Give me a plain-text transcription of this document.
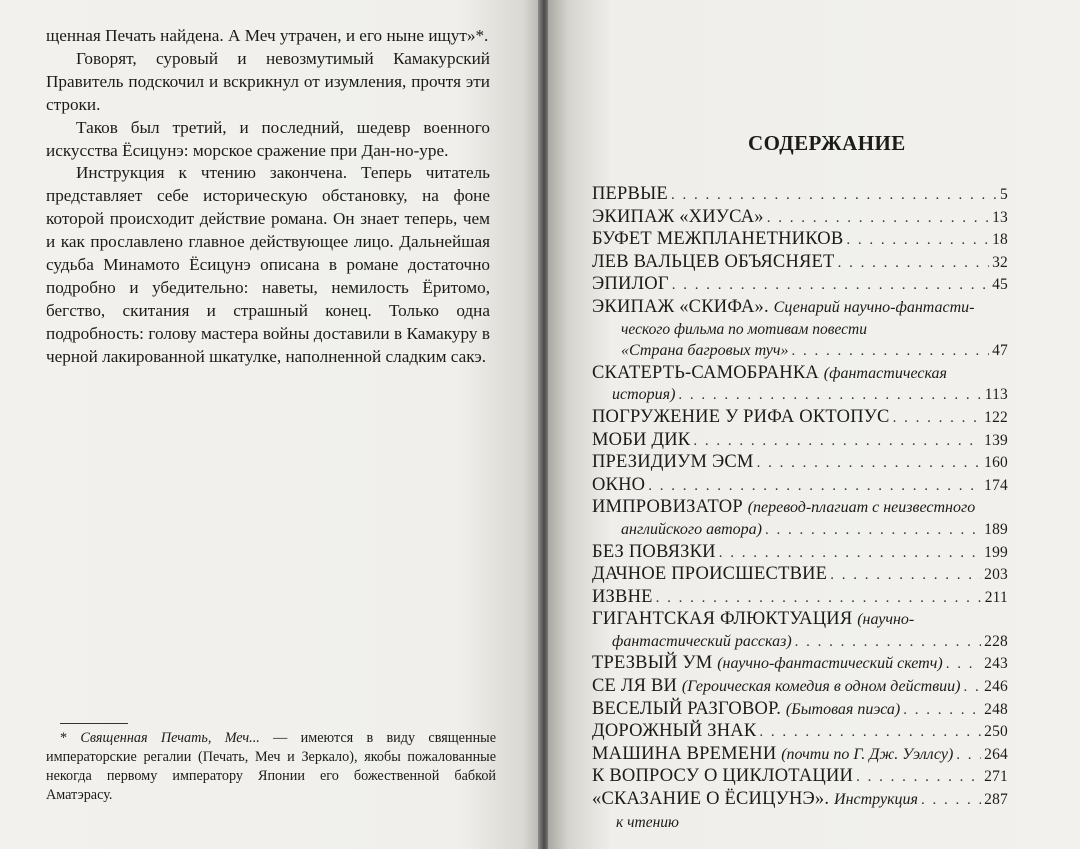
щенная Печать найдена. А Меч утрачен, и его ныне ищут»*.

Говорят, суровый и невозмутимый Камакурский Правитель подскочил и вскрикнул от изумления, прочтя эти строки.

Таков был третий, и последний, шедевр военного искусства Ёсицунэ: морское сражение при Дан-но-уре.

Инструкция к чтению закончена. Теперь читатель представляет себе историческую обстановку, на фоне которой происходит действие романа. Он знает теперь, чем и как прославлено главное действующее лицо. Дальнейшая судьба Минамото Ёсицунэ описана в романе достаточно подробно и убедительно: наветы, немилость Ёритомо, бегство, скитания и страшный конец. Только одна подробность: голову мастера войны доставили в Камакуру в черной лакированной шкатулке, наполненной сладким сакэ.

* Священная Печать, Меч... — имеются в виду священные императорские регалии (Печать, Меч и Зеркало), якобы пожалованные некогда первому императору Японии его божественной бабкой Аматэрасу.
СОДЕРЖАНИЕ
ПЕРВЫЕ . . .	5
ЭКИПАЖ «ХИУСА» . . .	13
БУФЕТ МЕЖПЛАНЕТНИКОВ . . .	18
ЛЕВ ВАЛЬЦЕВ ОБЪЯСНЯЕТ . . .	32
ЭПИЛОГ . . .	45
ЭКИПАЖ «СКИФА».
Сценарий научно-фантасти-
ческого фильма по мотивам повести
«Страна багровых туч» . . .	47
СКАТЕРТЬ-САМОБРАНКА
(фантастическая
история) . . .	113
ПОГРУЖЕНИЕ У РИФА ОКТОПУС . . .	122
МОБИ ДИК . . .	139
ПРЕЗИДИУМ ЭСМ . . .	160
ОКНО . . .	174
ИМПРОВИЗАТОР
(перевод-плагиат с неизвестного
английского автора) . . .	189
БЕЗ ПОВЯЗКИ . . .	199
ДАЧНОЕ ПРОИСШЕСТВИЕ . . .	203
ИЗВНЕ . . .	211
ГИГАНТСКАЯ ФЛЮКТУАЦИЯ
(научно-
фантастический рассказ) . . .	228
ТРЕЗВЫЙ УМ
(научно-фантастический скетч) . . .	243
СЕ ЛЯ ВИ
(Героическая комедия в одном действии) . . . 246
ВЕСЕЛЫЙ РАЗГОВОР.
(Бытовая пиэса) . . .	248
ДОРОЖНЫЙ ЗНАК . . .	250
МАШИНА ВРЕМЕНИ
(почти по Г. Дж. Уэллсу) . . . 264
К ВОПРОСУ О ЦИКЛОТАЦИИ . . .	271
«СКАЗАНИЕ О ЁСИЦУНЭ».
Инструкция . . .	287
к чтению
